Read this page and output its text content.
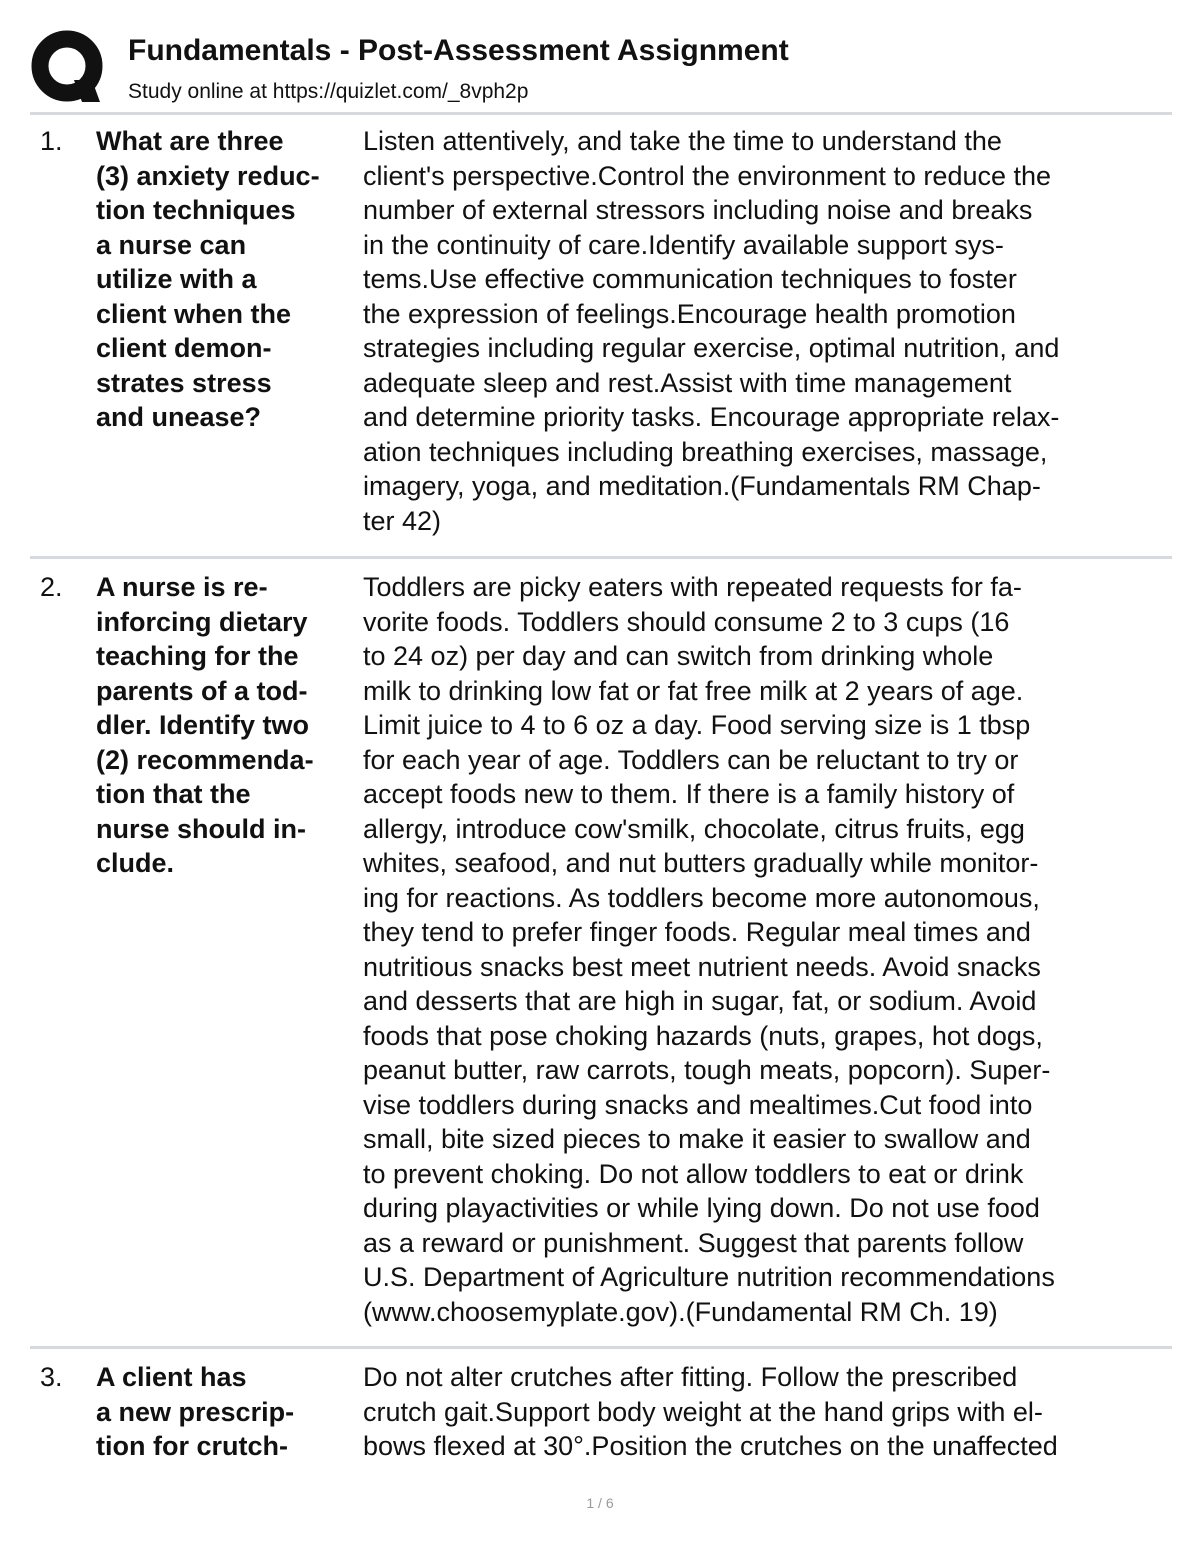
Fundamentals - Post-Assessment Assignment
Study online at https://quizlet.com/_8vph2p
1. What are three
(3) anxiety reduc-
tion techniques
a nurse can
utilize with a
client when the
client demon-
strates stress
and unease?
Listen attentively, and take the time to understand the
client's perspective.Control the environment to reduce the
number of external stressors including noise and breaks
in the continuity of care.Identify available support sys-
tems.Use effective communication techniques to foster
the expression of feelings.Encourage health promotion
strategies including regular exercise, optimal nutrition, and
adequate sleep and rest.Assist with time management
and determine priority tasks. Encourage appropriate relax-
ation techniques including breathing exercises, massage,
imagery, yoga, and meditation.(Fundamentals RM Chap-
ter 42)
2. A nurse is re-
inforcing dietary
teaching for the
parents of a tod-
dler. Identify two
(2) recommenda-
tion that the
nurse should in-
clude.
Toddlers are picky eaters with repeated requests for fa-
vorite foods. Toddlers should consume 2 to 3 cups (16
to 24 oz) per day and can switch from drinking whole
milk to drinking low fat or fat free milk at 2 years of age.
Limit juice to 4 to 6 oz a day. Food serving size is 1 tbsp
for each year of age. Toddlers can be reluctant to try or
accept foods new to them. If there is a family history of
allergy, introduce cow'smilk, chocolate, citrus fruits, egg
whites, seafood, and nut butters gradually while monitor-
ing for reactions. As toddlers become more autonomous,
they tend to prefer finger foods. Regular meal times and
nutritious snacks best meet nutrient needs. Avoid snacks
and desserts that are high in sugar, fat, or sodium. Avoid
foods that pose choking hazards (nuts, grapes, hot dogs,
peanut butter, raw carrots, tough meats, popcorn). Super-
vise toddlers during snacks and mealtimes.Cut food into
small, bite sized pieces to make it easier to swallow and
to prevent choking. Do not allow toddlers to eat or drink
during playactivities or while lying down. Do not use food
as a reward or punishment. Suggest that parents follow
U.S. Department of Agriculture nutrition recommendations
(www.choosemyplate.gov).(Fundamental RM Ch. 19)
3. A client has
a new prescrip-
tion for crutch-
Do not alter crutches after fitting. Follow the prescribed
crutch gait.Support body weight at the hand grips with el-
bows flexed at 30°.Position the crutches on the unaffected
1 / 6
